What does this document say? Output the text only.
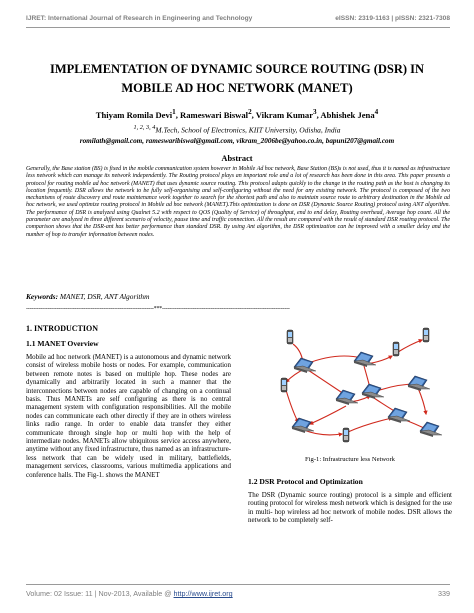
IJRET: International Journal of Research in Engineering and Technology	eISSN: 2319-1163 | pISSN: 2321-7308
IMPLEMENTATION OF DYNAMIC SOURCE ROUTING (DSR) IN
MOBILE AD HOC NETWORK (MANET)
Thiyam Romila Devi$^1$, Rameswari Biswal$^2$, Vikram Kumar$^3$, Abhishek Jena$^4$
$^{1, 2, 3, 4}$M.Tech, School of Electronics, KIIT University, Odisha, India
romilath@gmail.com, rameswaribiswal@gmail.com, vikram_2006be@yahoo.co.in, bapuni207@gmail.com
Abstract
Generally, the Base station (BS) is fixed in the mobile communication system however in Mobile Ad hoc network, Base Station (BS)s is not used, thus it is named as infrastructure less network which can manage its network independently. The Routing protocol plays an important role and a lot of research has been done in this area. This paper presents a protocol for routing mobile ad hoc network (MANET) that uses dynamic source routing. This protocol adapts quickly to the change in the routing path as the host is changing its location frequently. DSR allows the network to be fully self-organising and self-configuring without the need for any existing network. The protocol is composed of the two mechanisms of route discovery and route maintenance work together to search for the shortest path and also to maintain source route to arbitrary destination in the Mobile ad hoc network, we used optimize routing protocol in Mobile ad hoc network (MANET).This optimization is done on DSR (Dynamic Source Routing) protocol using ANT algorithm. The performance of DSR is analyzed using Qualnet 5.2 with respect to QOS (Quality of Service) of throughput, end to end delay, Routing overhead, Average hop count. All the parameter are analyzed in three different scenario of velocity, pause time and traffic connection. All the result are compared with the result of standard DSR routing protocol. The comparison shows that the DSR-ant has better performance than standard DSR. By using Ant algorithm, the DSR optimization can be improved with a smaller delay and the number of hop to transfer information between nodes.
Keywords: MANET, DSR, ANT Algorithm
-----------------------------------------------------------------------***-----------------------------------------------------------------------
1. INTRODUCTION
1.1 MANET Overview
Mobile ad hoc network (MANET) is a autonomous and dynamic network consist of wireless mobile hosts or nodes. For example, communication between remote notes is based on multiple hop. These nodes are dynamically and arbitrarily located in such a manner that the interconnections between nodes are capable of changing on a continual basis. Thus MANETs are self configuring as there is no central management system with configuration responsibilities. All the mobile nodes can communicate each other directly if they are in others wireless links radio range. In order to enable data transfer they either communicate through single hop or multi hop with the help of intermediate nodes. MANETs allow ubiquitous service access anywhere, anytime without any fixed infrastructure, thus named as an infrastructure-less network that can be widely used in military, battlefields, management services, classrooms, various multimedia applications and conference halls. The Fig-1. shows the MANET
Fig-1: Infrastructure less Network
1.2 DSR Protocol and Optimization
The DSR (Dynamic source routing) protocol is a simple and efficient routing protocol for wireless mesh network which is designed for the use in multi- hop wireless ad hoc network of mobile nodes. DSR allows the network to be completely self-
Volume: 02 Issue: 11 | Nov-2013, Available @ http://www.ijret.org	339
